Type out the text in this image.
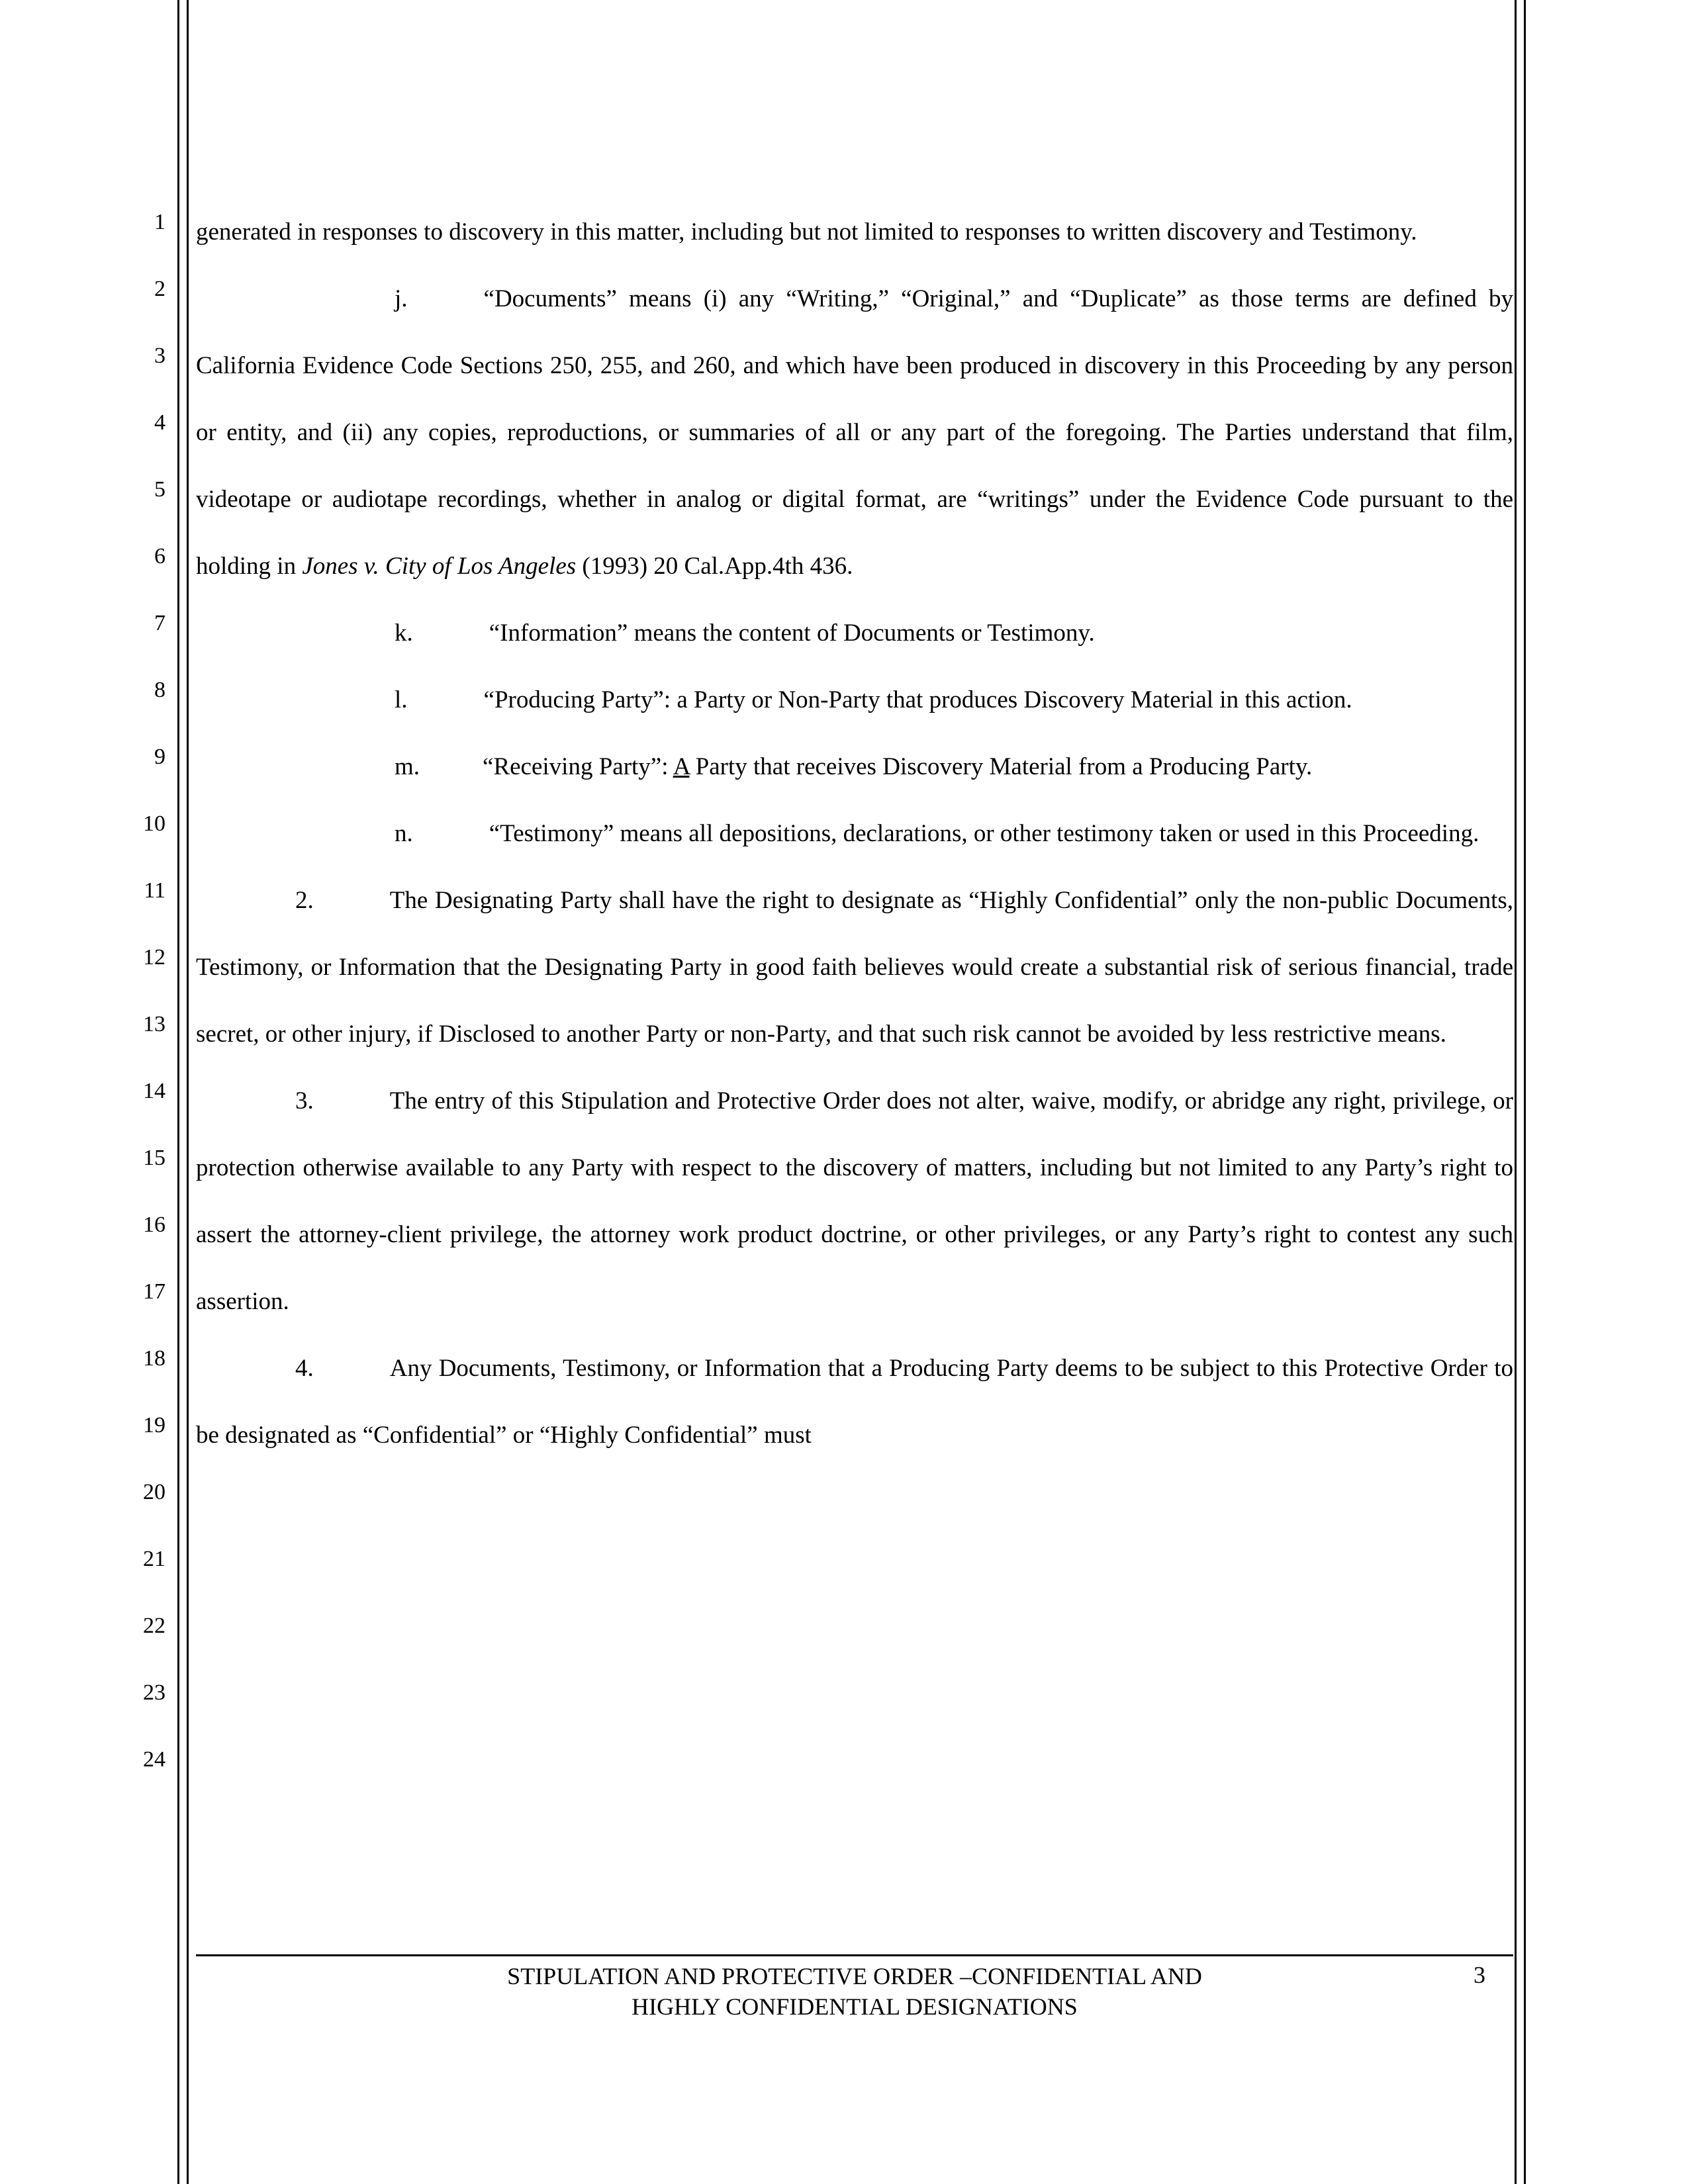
1
2
3
4
5
6
7
8
9
10
11
12
13
14
15
16
17
18
19
20
21
22
23
24

generated in responses to discovery in this matter, including but not limited to responses to written discovery and Testimony.

j.	“Documents” means (i) any “Writing,” “Original,” and “Duplicate” as those terms are defined by California Evidence Code Sections 250, 255, and 260, and which have been produced in discovery in this Proceeding by any person or entity, and (ii) any copies, reproductions, or summaries of all or any part of the foregoing. The Parties understand that film, videotape or audiotape recordings, whether in analog or digital format, are “writings” under the Evidence Code pursuant to the holding in Jones v. City of Los Angeles (1993) 20 Cal.App.4th 436.

k.	“Information” means the content of Documents or Testimony.

l.	“Producing Party”: a Party or Non-Party that produces Discovery Material in this action.

m.	“Receiving Party”: A Party that receives Discovery Material from a Producing Party.

n.	“Testimony” means all depositions, declarations, or other testimony taken or used in this Proceeding.

2.	The Designating Party shall have the right to designate as “Highly Confidential” only the non-public Documents, Testimony, or Information that the Designating Party in good faith believes would create a substantial risk of serious financial, trade secret, or other injury, if Disclosed to another Party or non-Party, and that such risk cannot be avoided by less restrictive means.

3.	The entry of this Stipulation and Protective Order does not alter, waive, modify, or abridge any right, privilege, or protection otherwise available to any Party with respect to the discovery of matters, including but not limited to any Party’s right to assert the attorney-client privilege, the attorney work product doctrine, or other privileges, or any Party’s right to contest any such assertion.

4.	Any Documents, Testimony, or Information that a Producing Party deems to be subject to this Protective Order to be designated as “Confidential” or “Highly Confidential” must

STIPULATION AND PROTECTIVE ORDER –CONFIDENTIAL AND
HIGHLY CONFIDENTIAL DESIGNATIONS
3
